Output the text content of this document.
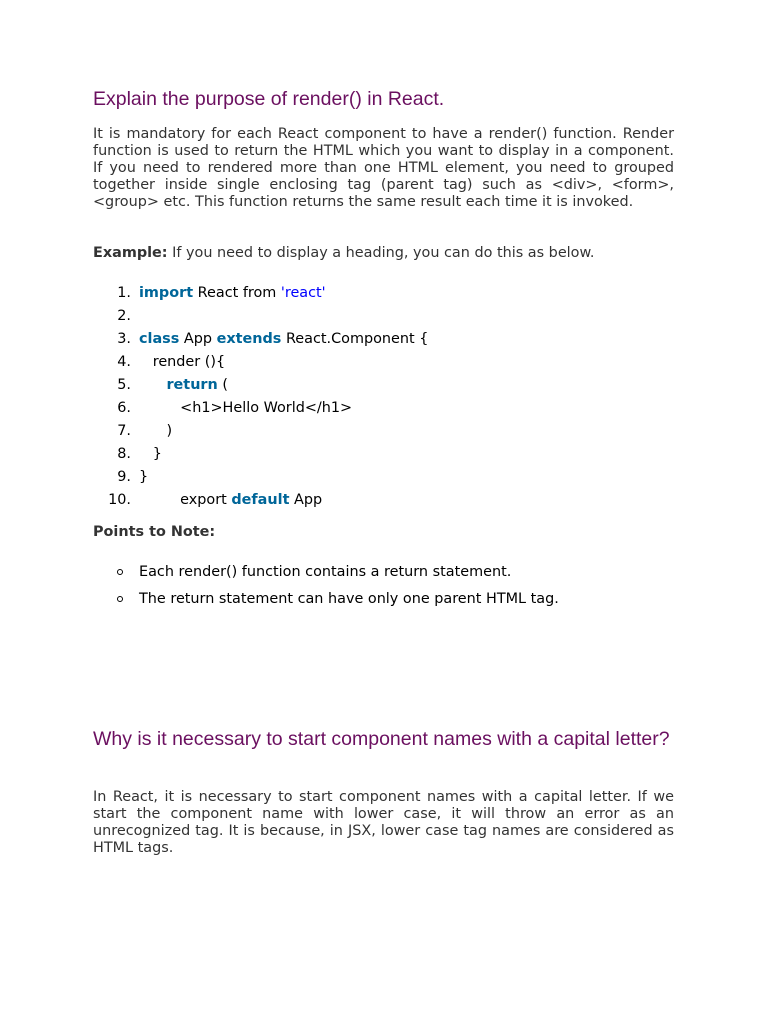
Explain the purpose of render() in React.

It is mandatory for each React component to have a render() function. Render function is used to return the HTML which you want to display in a component. If you need to rendered more than one HTML element, you need to grouped together inside single enclosing tag (parent tag) such as <div>, <form>, <group> etc. This function returns the same result each time it is invoked.

Example: If you need to display a heading, you can do this as below.

1. import React from 'react'
2.
3. class App extends React.Component {
4. render (){
5.	return (
6. <h1>Hello World</h1>
7. )
8. }
9. }
10. export default App
Points to Note:
Each render() function contains a return statement.
The return statement can have only one parent HTML tag.
Why is it necessary to start component names with a capital letter?

In React, it is necessary to start component names with a capital letter. If we start the component name with lower case, it will throw an error as an unrecognized tag. It is because, in JSX, lower case tag names are considered as HTML tags.
